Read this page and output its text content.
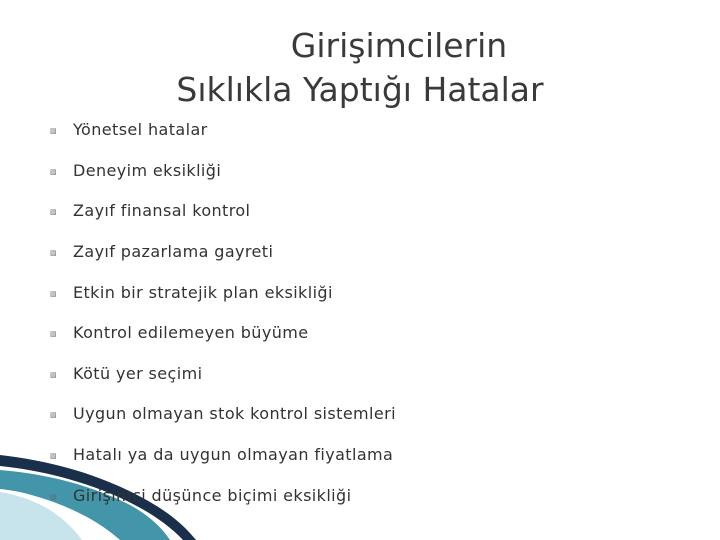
Girişimcilerin
Sıklıkla Yaptığı Hatalar
▧ Yönetsel hatalar
▧ Deneyim eksikliği
▧ Zayıf finansal kontrol
▧ Zayıf pazarlama gayreti
▧ Etkin bir stratejik plan eksikliği
▧ Kontrol edilemeyen büyüme
▧ Kötü yer seçimi
▧ Uygun olmayan stok kontrol sistemleri
▧ Hatalı ya da uygun olmayan fiyatlama
▧ Girişimci düşünce biçimi eksikliği
